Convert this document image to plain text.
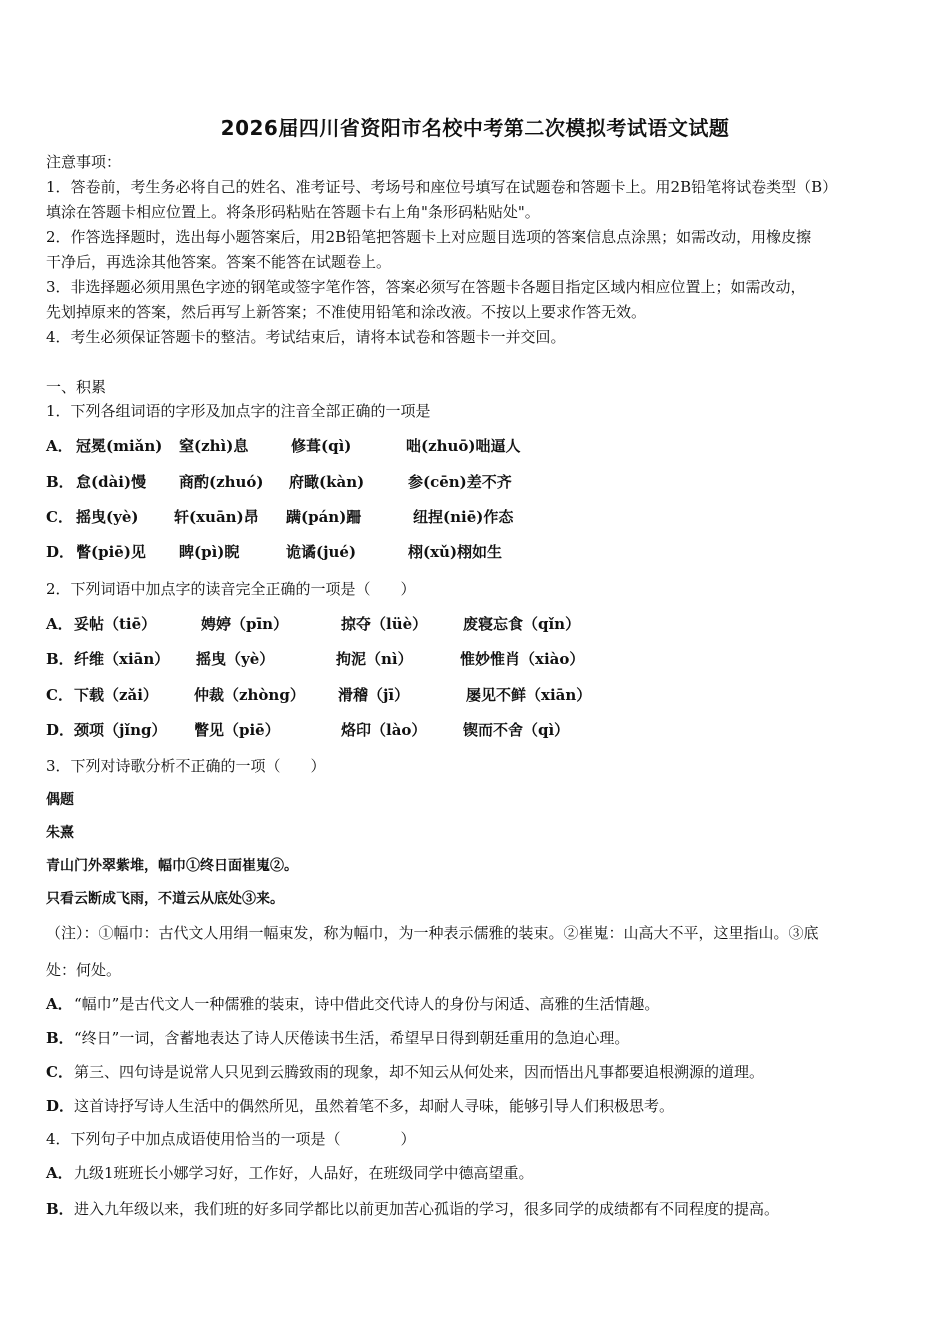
2026届四川省资阳市名校中考第二次模拟考试语文试题
注意事项：
1．答卷前，考生务必将自己的姓名、准考证号、考场号和座位号填写在试题卷和答题卡上。用2B铅笔将试卷类型（B）
填涂在答题卡相应位置上。将条形码粘贴在答题卡右上角"条形码粘贴处"。
2．作答选择题时，选出每小题答案后，用2B铅笔把答题卡上对应题目选项的答案信息点涂黑；如需改动，用橡皮擦
干净后，再选涂其他答案。答案不能答在试题卷上。
3．非选择题必须用黑色字迹的钢笔或签字笔作答，答案必须写在答题卡各题目指定区域内相应位置上；如需改动，
先划掉原来的答案，然后再写上新答案；不准使用铅笔和涂改液。不按以上要求作答无效。
4．考生必须保证答题卡的整洁。考试结束后，请将本试卷和答题卡一并交回。
一、积累
1．下列各组词语的字形及加点字的注音全部正确的一项是
A． 冠冕(miǎn) 窒(zhì)息	修葺(qì)	咄(zhuō)咄逼人
B． 怠(dài)慢 商酌(zhuó) 府瞰(kàn)	参(cēn)差不齐
C． 摇曳(yè) 轩(xuān)昂 蹒(pán)跚	纽捏(niē)作态
D． 瞥(piē)见 睥(pì)睨	诡谲(jué)	栩(xǔ)栩如生
2．下列词语中加点字的读音完全正确的一项是（　　）
A． 妥帖（tiē）	娉婷（pīn）	掠夺（lüè） 废寝忘食（qǐn）
B． 纤维（xiān） 摇曳（yè）	拘泥（nì）	惟妙惟肖（xiào）
C． 下载（zǎi） 仲裁（zhòng） 滑稽（jī）	屡见不鲜（xiān）
D． 颈项（jǐng） 瞥见（piē）	烙印（lào） 锲而不舍（qì）
3．下列对诗歌分析不正确的一项（　　）
偶题
朱熹
青山门外翠紫堆，幅巾①终日面崔嵬②。
只看云断成飞雨，不道云从底处③来。
（注）：①幅巾：古代文人用绢一幅束发，称为幅巾，为一种表示儒雅的装束。②崔嵬：山高大不平，这里指山。③底
处：何处。
A． “幅巾”是古代文人一种儒雅的装束，诗中借此交代诗人的身份与闲适、高雅的生活情趣。
B． “终日”一词，含蓄地表达了诗人厌倦读书生活，希望早日得到朝廷重用的急迫心理。
C． 第三、四句诗是说常人只见到云腾致雨的现象，却不知云从何处来，因而悟出凡事都要追根溯源的道理。
D． 这首诗抒写诗人生活中的偶然所见，虽然着笔不多，却耐人寻味，能够引导人们积极思考。
4．下列句子中加点成语使用恰当的一项是（　　　　）
A． 九级1班班长小娜学习好，工作好，人品好，在班级同学中德高望重。
B． 进入九年级以来，我们班的好多同学都比以前更加苦心孤诣的学习，很多同学的成绩都有不同程度的提高。
